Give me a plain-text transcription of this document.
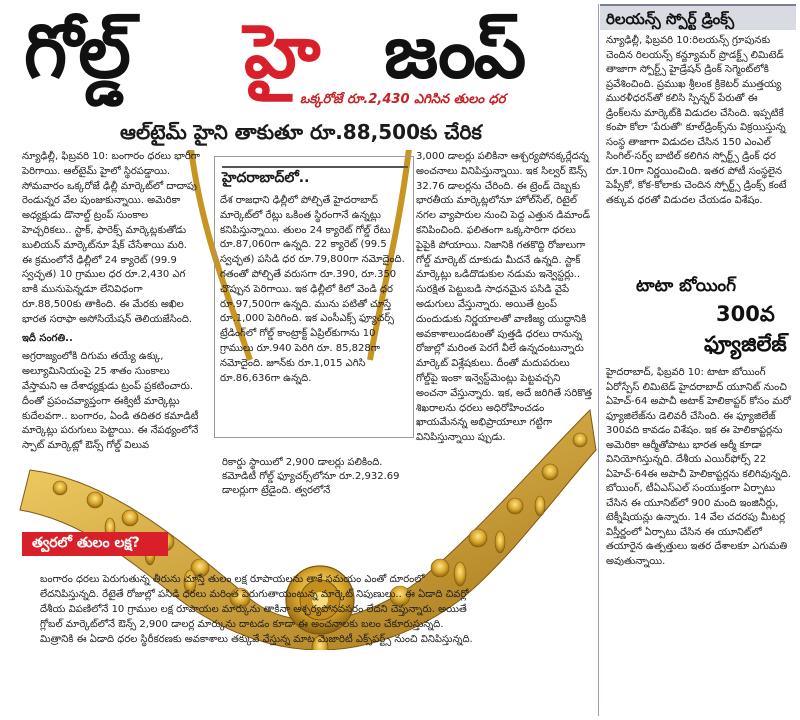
గోల్డ్ హై జంప్
ఒక్కరోజే రూ.2,430 ఎగిసిన తులం ధర
ఆల్‌టైమ్ హైని తాకుతూ రూ.88,500కు చేరిక

న్యూఢిల్లీ, ఫిబ్రవరి 10: బంగారం ధరలు భారీగా పెరిగాయి. ఆల్‌టైమ్ హైలో స్థిరపడ్డాయి. సోమవారం ఒక్కరోజే ఢిల్లీ మార్కెట్‌లో దాదాపు రెండున్నర వేల పుంజుకున్నాయి. అమెరికా అధ్యక్షుడు డొనాల్డ్ ట్రంప్ సుంకాల హెచ్చరికలు.. స్టాక్, ఫారెక్స్ మార్కెట్లకుతోడు బులియన్ మార్కెట్‌నూ షేక్ చేసేశాయి మరి. ఈ క్రమంలోనే ఢిల్లీలో 24 క్యారెట్ (99.9 స్వచ్ఛత) 10 గ్రాముల ధర రూ.2,430 ఎగ బాకి మునుపెన్నడూ లేనివిధంగా రూ.88,500కు తాకింది. ఈ మేరకు అఖిల భారత సరాఫా అసోసియేషన్ తెలియజేసింది.

ఇదీ సంగతి..

అగ్రరాజ్యంలోకి దిగుమ తయ్యే ఉక్కు, అల్యూమినియంపై 25 శాతం సుంకాలు వేస్తామని ఆ దేశాధ్యక్షుడు ట్రంప్ ప్రకటించారు. దీంతో ప్రపంచవ్యాప్తంగా ఈక్విటీ మార్కెట్లు కుదేలవగా.. బంగారం, ఏండి తదితర కమాడిటీ మార్కెట్లు పరుగులు పెట్టాయి. ఈ నేపథ్యంలోనే స్పాట్ మార్కెట్లో ఔన్స్ గోల్డ్ విలువ

హైదరాబాద్‌లో..

దేశ రాజధాని ఢిల్లీలో పోల్చితే హైదరాబాద్ మార్కెట్‌లో రేట్లు ఒకింత స్థిరంగానే ఉన్నట్లు కనిపిస్తున్నాయి. తులం 24 క్యారెట్ గోల్డ్ రేటు రూ.87,060గా ఉన్నది. 22 క్యారెట్ (99.5 స్వచ్ఛత) పసిడి ధర రూ.79,800గా నమోదైంది. గతంతో పోల్చితే వరుసగా రూ.390, రూ.350 చొప్పున పెరిగాయి. ఇక ఢిల్లీలో కిలో వెండి ధర రూ.97,500గా ఉన్నది. మును పటితో చూస్తే రూ.1,000 పెరిగింది. ఇక ఎంసీఎక్స్ ఫ్యూచర్స్ ట్రేడింగ్‌లో గోల్డ్ కాంట్రాక్ట్ ఏప్రిల్‌కుగాను 10 గ్రాములు రూ.940 పెరిగి రూ. 85,828గా నమోదైంది. జూన్‌కు రూ.1,015 ఎగిసి రూ.86,636గా ఉన్నది.

రికార్డు స్థాయిలో 2,900 డాలర్లు పలికింది. కమోడిటీ గోల్డ్ ఫ్యూచర్స్‌లోనూ రూ.2,932.69 డాలర్లుగా ట్రేడైంది. త్వరలోనే

3,000 డాలర్లు పలికినా ఆశ్చర్యపోనక్కర్లేదన్న అంచనాలు వినిపిస్తున్నాయి. ఇక సిల్వర్ ఔన్స్ 32.76 డాలర్లను చేరింది. ఈ ట్రెండ్ దెబ్బకు భారతీయ మార్కెట్లలోనూ హోల్‌సేల్, రిటైల్ నగల వ్యాపారుల నుంచి పెద్ద ఎత్తున డిమాండ్ కనిపించింది. ఫలితంగా ఒక్కసారిగా ధరలు పైపైకి పోయాయి. నిజానికి గతకొద్ది రోజులుగా గోల్డ్ మార్కెట్ దూకుడు మీదనే ఉన్నది. స్టాక్ మార్కెట్లు ఒడిదొడుకుల నడుమ ఇన్వెస్టర్లు.. సురక్షిత పెట్టుబడి సాధనమైన పసిడి వైపే అడుగులు వేస్తున్నారు. అయితే ట్రంప్ దుందుడుకు నిర్ణయాలతో వాణిజ్య యుద్ధానికి అవకాశాలుండటంతో పుత్తడి ధరలు రానున్న రోజుల్లో మరింత పెరగే వీలే ఉన్నదంటున్నారు మార్కెట్ విశ్లేషకులు. దీంతో మదుపరులు గోల్డ్‌పై ఇంకా ఇన్వెస్ట్‌మెంట్లు పెట్టవచ్చని అంచనా వేస్తున్నారు. ఇక, అదే జరిగితే సరికొత్త శిఖరాలను ధరలు అధిరోహించడం ఖాయమేనన్న అభిప్రాయాలూ గట్టిగా వినిపిస్తున్నాయి ప్పుడు.

త్వరలో తులం లక్ష?
బంగారం ధరలు పెరుగుతున్న తీరును చూస్తే తులం లక్ష రూపాయలను తాకే సమయం ఎంతో దూరంలో లేదనిపిస్తున్నది. రేటైతే రోజుల్లో పసిడి ధరలు మరింత పెరుగుతాయంటున్న మార్కెట్ నిపుణులు.. ఈ ఏడాది చివర్లో దేశీయ విపణిలోనే 10 గ్రాముల లక్ష రూపాయల మార్కును తాకినా ఆశ్చర్యపోనవసరం లేదని చెప్తున్నారు. అయితే గ్లోబల్ మార్కెట్‌లోనే ఔన్స్ 2,900 డాలర్ల మార్కును దాటడం కూడా ఈ అంచనాలకు బలం చేకూరుస్తున్నది. మిత్రానికి ఈ ఏడాది ధరల స్థిరీకరణకు అవకాశాలు తక్కువే వేస్తున్న మాట మెజారిటీ ఎక్స్‌పర్ట్స్ నుంచి వినిపిస్తున్నది.
రిలయన్స్ స్పోర్ట్ డ్రింక్స్

న్యూఢిల్లీ, ఫిబ్రవరి 10:రిలయన్స్ గ్రూపునకు చెందిన రిలయన్స్ కన్జ్యూమర్ ప్రొడక్ట్స్ లిమిటెడ్ తాజాగా స్పోర్ట్స్ హైడ్రేషన్ డ్రింక్ సెగ్మెంట్‌లోకి ప్రవేశించింది. ప్రముఖ శ్రీలంక క్రికెటర్ ముత్తయ్య మురళీధరన్‌తో కలిసి స్పిన్నర్ పేరుతో ఈ డ్రింక్‌లను మార్కెట్‌కి విడుదల చేసింది. ఇప్పటికే కంపా కోలా 'పేరుతో' కూల్‌డ్రింక్స్‌ను విక్రయిస్తున్న సంస్థ తాజాగా విడుదల చేసిన 150 ఎంఎల్ సింగిల్-సర్వ్ బాటిల్ కలిగిన స్పోర్ట్స్ డ్రింక్ ధర రూ.10గా నిర్ణయించింది. ఇతర పోటీ సంస్థలైన పెప్సీకో, కోక-కోలాకు చెందిన స్పోర్ట్స్ డ్రింక్స్ కంటే తక్కువ ధరతో విడుదల చేయడం విశేషం.

టాటా బోయింగ్
300వ
ఫ్యూజిలేజ్

హైదరాబాద్, ఫిబ్రవరి 10: టాటా బోయింగ్ ఏరోస్పేస్ లిమిటెడ్ హైదరాబాద్ యూనిట్ నుంచి ఏహెచ్-64 అపాచీ అటాక్ హెలికాప్టర్ కోసం మరో ఫ్యూజిలేజ్‌ను డెలివరీ చేసింది. ఈ ఫ్యూజిలేజ్ 300వది కావడం విశేషం. ఇక ఈ హెలికాప్టర్లను అమెరికా ఆర్మీతోపాటు భారత ఆర్మీ కూడా వినియోగిస్తున్నది. దేశీయ ఎయిర్‌ఫోర్స్ 22 ఏహెచ్-64ఈ అపాచీ హెలికాప్టర్లను కలిగివున్నది. బోయింగ్, టీఏఎస్ఎల్ సంయుక్తంగా ఏర్పాటు చేసిన ఈ యూనిట్‌లో 900 మంది ఇంజినీర్లు, టెక్నీషియన్లు ఉన్నారు. 14 వేల చదరపు మీటర్ల విస్తీర్ణంలో ఏర్పాటు చేసిన ఈ యూనిట్‌లో తయారైన ఉత్పత్తులు ఇతర దేశాలకూ ఎగుమతి అవుతున్నాయి.
